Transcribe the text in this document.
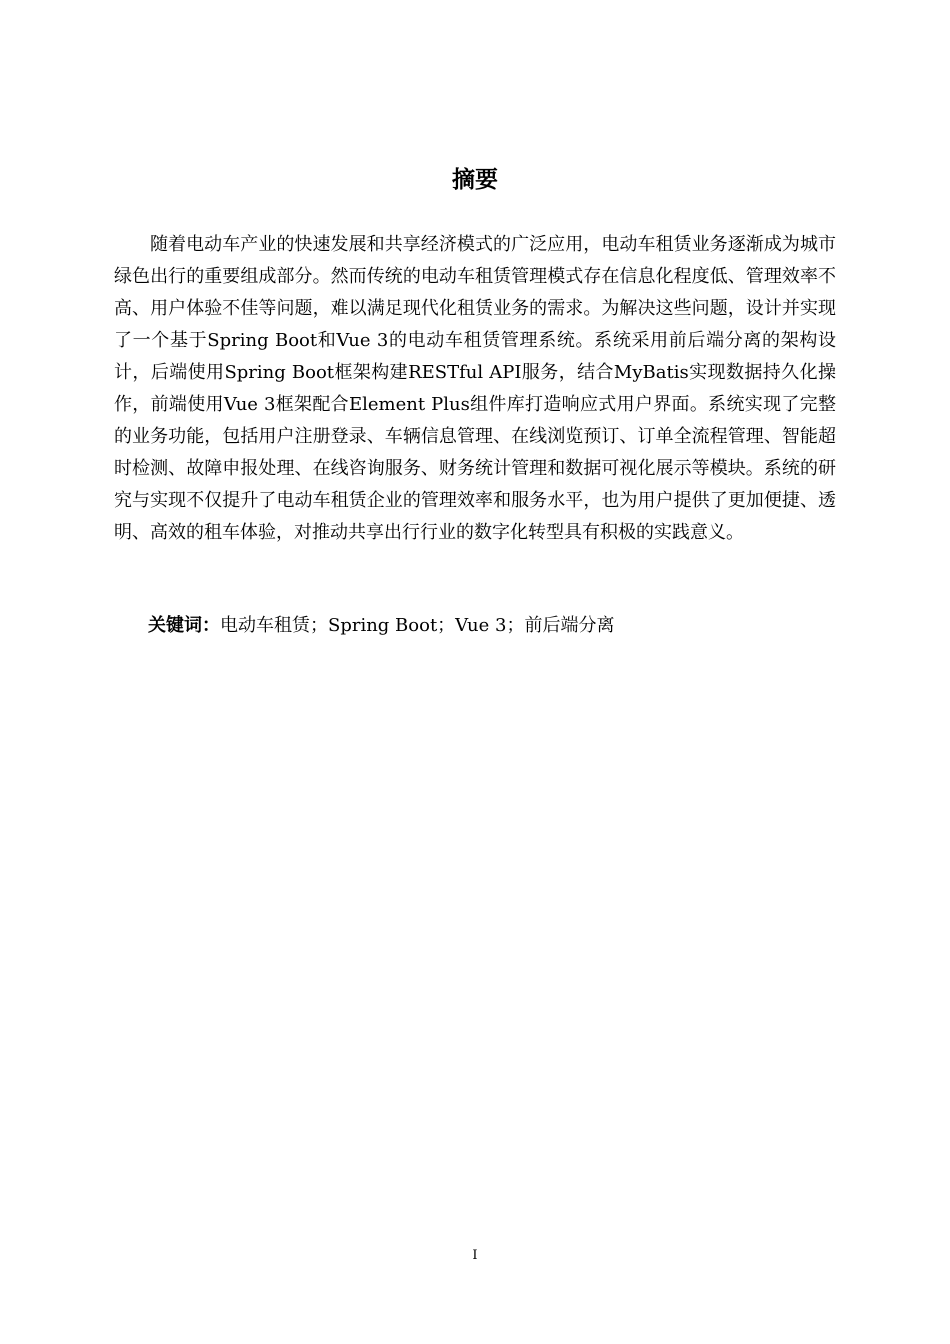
摘要

随着电动车产业的快速发展和共享经济模式的广泛应用，电动车租赁业务逐渐成为城市绿色出行的重要组成部分。然而传统的电动车租赁管理模式存在信息化程度低、管理效率不高、用户体验不佳等问题，难以满足现代化租赁业务的需求。为解决这些问题，设计并实现了一个基于Spring Boot和Vue 3的电动车租赁管理系统。系统采用前后端分离的架构设计，后端使用Spring Boot框架构建RESTful API服务，结合MyBatis实现数据持久化操作，前端使用Vue 3框架配合Element Plus组件库打造响应式用户界面。系统实现了完整的业务功能，包括用户注册登录、车辆信息管理、在线浏览预订、订单全流程管理、智能超时检测、故障申报处理、在线咨询服务、财务统计管理和数据可视化展示等模块。系统的研究与实现不仅提升了电动车租赁企业的管理效率和服务水平，也为用户提供了更加便捷、透明、高效的租车体验，对推动共享出行行业的数字化转型具有积极的实践意义。

关键词：电动车租赁；Spring Boot；Vue 3；前后端分离

I
